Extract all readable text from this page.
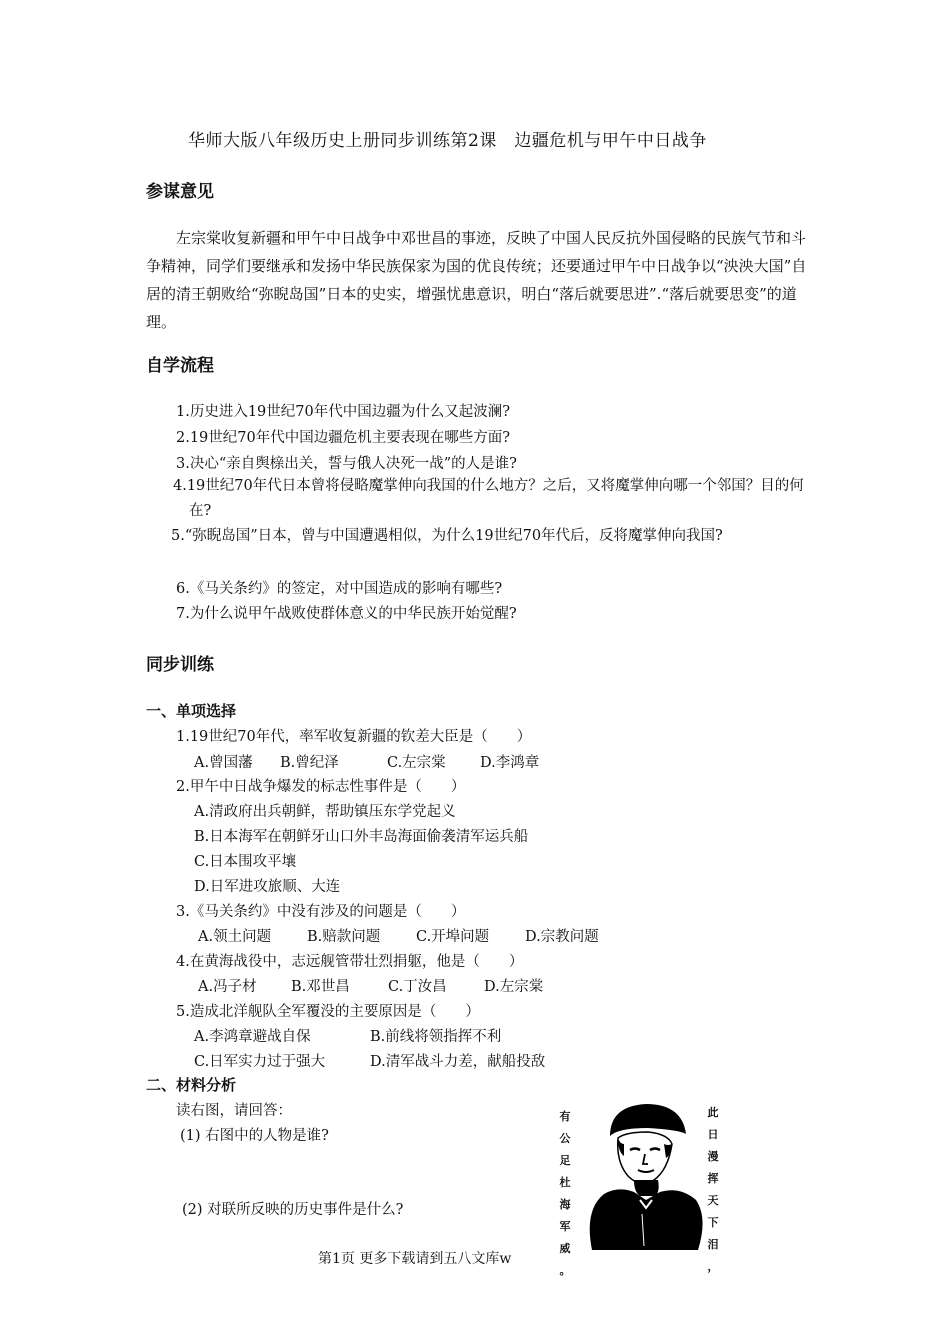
华师大版八年级历史上册同步训练第2课　边疆危机与甲午中日战争
参谋意见
左宗棠收复新疆和甲午中日战争中邓世昌的事迹，反映了中国人民反抗外国侵略的民族气节和斗争精神，同学们要继承和发扬中华民族保家为国的优良传统；还要通过甲午中日战争以“泱泱大国”自居的清王朝败给“弥睨岛国”日本的史实，增强忧患意识，明白“落后就要思进”.“落后就要思变”的道理。
自学流程
1.历史进入19世纪70年代中国边疆为什么又起波澜?
2.19世纪70年代中国边疆危机主要表现在哪些方面?
3.决心“亲自舆榇出关，誓与俄人决死一战”的人是谁?
4.19世纪70年代日本曾将侵略魔掌伸向我国的什么地方？之后，又将魔掌伸向哪一个邻国？目的何在?
5.“弥睨岛国”日本，曾与中国遭遇相似，为什么19世纪70年代后，反将魔掌伸向我国?
6.《马关条约》的签定，对中国造成的影响有哪些?
7.为什么说甲午战败使群体意义的中华民族开始觉醒?
同步训练
一、单项选择
1.19世纪70年代，率军收复新疆的钦差大臣是（　　）
A.曾国藩 B.曾纪泽	C.左宗棠 D.李鸿章
2.甲午中日战争爆发的标志性事件是（　　）
A.清政府出兵朝鲜，帮助镇压东学党起义
B.日本海军在朝鲜牙山口外丰岛海面偷袭清军运兵船
C.日本围攻平壤
D.日军进攻旅顺、大连
3.《马关条约》中没有涉及的问题是（　　）
A.领土问题 B.赔款问题 C.开埠问题 D.宗教问题
4.在黄海战役中，志远舰管带壮烈捐躯，他是（　　）
A.冯子材 B.邓世昌	C.丁汝昌	D.左宗棠
5.造成北洋舰队全军覆没的主要原因是（　　）
A.李鸿章避战自保	B.前线将领指挥不利
C.日军实力过于强大	D.清军战斗力差，献船投敌
二、材料分析
读右图，请回答：
(1) 右图中的人物是谁?
(2) 对联所反映的历史事件是什么?
有
公
足
杜
海
军
威
。
此
日
漫
挥
天
下
泪
，
第1页 更多下载请到五八文库w
